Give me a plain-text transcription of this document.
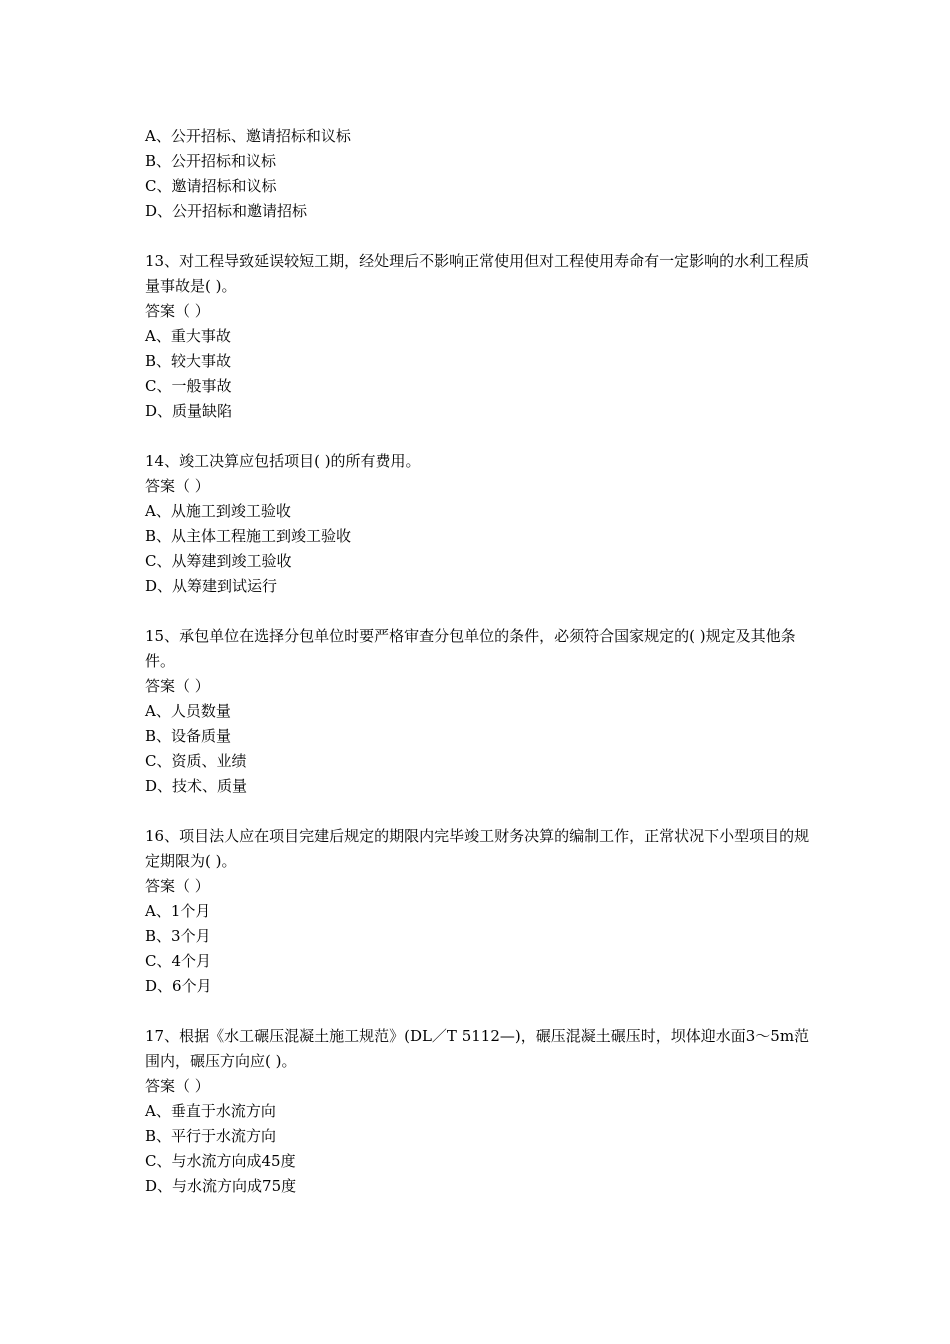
A、公开招标、邀请招标和议标
B、公开招标和议标
C、邀请招标和议标
D、公开招标和邀请招标
13、对工程导致延误较短工期，经处理后不影响正常使用但对工程使用寿命有一定影响的水利工程质量事故是( )。
答案（ ）
A、重大事故
B、较大事故
C、一般事故
D、质量缺陷
14、竣工决算应包括项目( )的所有费用。
答案（ ）
A、从施工到竣工验收
B、从主体工程施工到竣工验收
C、从筹建到竣工验收
D、从筹建到试运行
15、承包单位在选择分包单位时要严格审查分包单位的条件，必须符合国家规定的( )规定及其他条件。
答案（ ）
A、人员数量
B、设备质量
C、资质、业绩
D、技术、质量
16、项目法人应在项目完建后规定的期限内完毕竣工财务决算的编制工作，正常状况下小型项目的规定期限为( )。
答案（ ）
A、1个月
B、3个月
C、4个月
D、6个月
17、根据《水工碾压混凝土施工规范》(DL／T 5112—)，碾压混凝土碾压时，坝体迎水面3～5m范围内，碾压方向应( )。
答案（ ）
A、垂直于水流方向
B、平行于水流方向
C、与水流方向成45度
D、与水流方向成75度
